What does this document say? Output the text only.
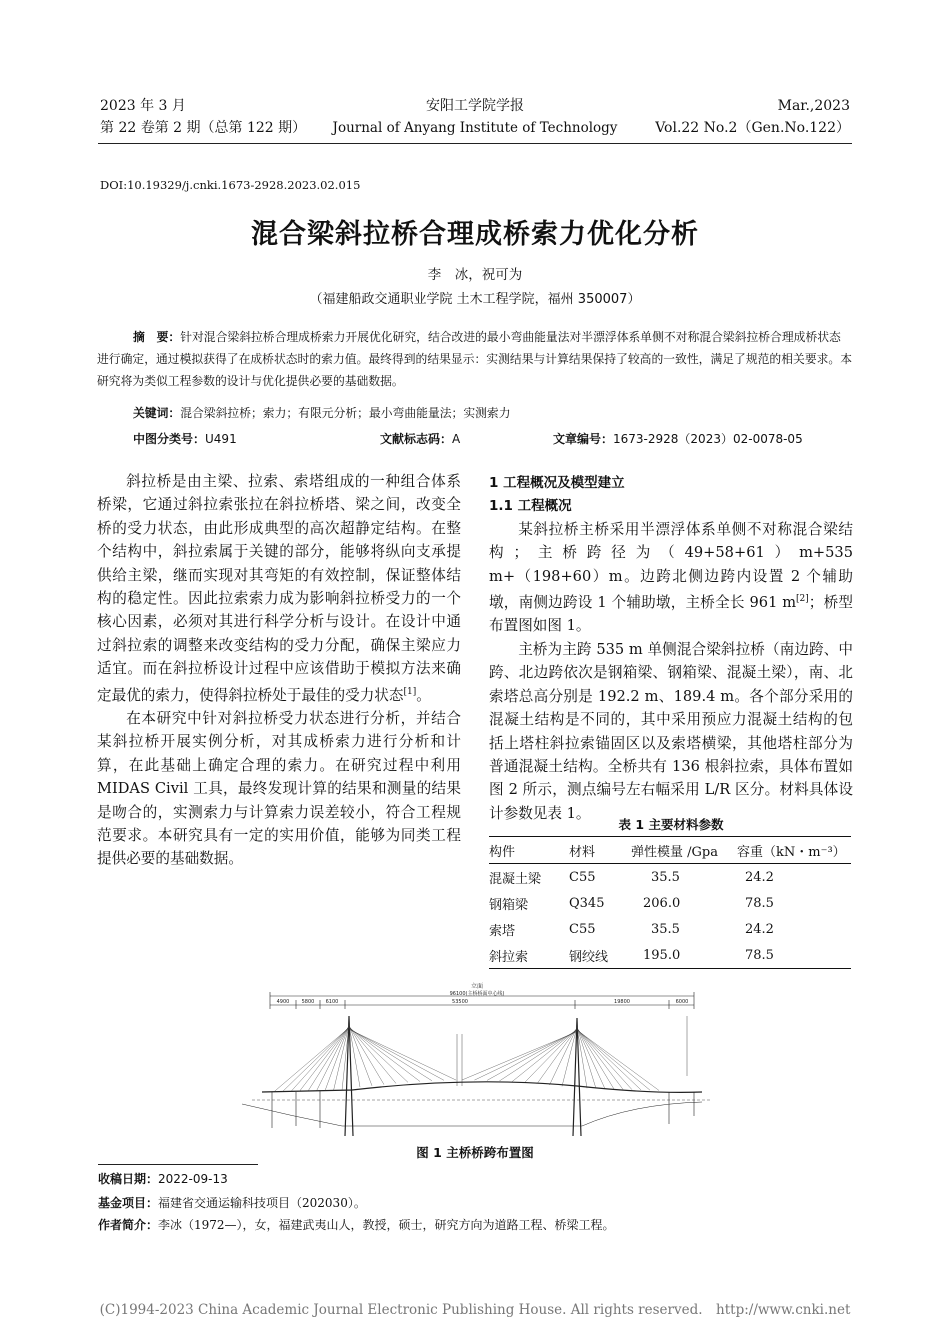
2023 年 3 月
第 22 卷第 2 期（总第 122 期）
安阳工学院学报
Journal of Anyang Institute of Technology
Mar.,2023
Vol.22 No.2（Gen.No.122）
DOI:10.19329/j.cnki.1673-2928.2023.02.015
混合梁斜拉桥合理成桥索力优化分析
李　冰，祝可为
（福建船政交通职业学院 土木工程学院，福州 350007）
摘　要：针对混合梁斜拉桥合理成桥索力开展优化研究，结合改进的最小弯曲能量法对半漂浮体系单侧不对称混合梁斜拉桥合理成桥状态进行确定，通过模拟获得了在成桥状态时的索力值。最终得到的结果显示：实测结果与计算结果保持了较高的一致性，满足了规范的相关要求。本研究将为类似工程参数的设计与优化提供必要的基础数据。
关键词：混合梁斜拉桥；索力；有限元分析；最小弯曲能量法；实测索力
中图分类号：U491	文献标志码：A	文章编号：1673-2928（2023）02-0078-05

斜拉桥是由主梁、拉索、索塔组成的一种组合体系桥梁，它通过斜拉索张拉在斜拉桥塔、梁之间，改变全桥的受力状态，由此形成典型的高次超静定结构。在整个结构中，斜拉索属于关键的部分，能够将纵向支承提供给主梁，继而实现对其弯矩的有效控制，保证整体结构的稳定性。因此拉索索力成为影响斜拉桥受力的一个核心因素，必须对其进行科学分析与设计。在设计中通过斜拉索的调整来改变结构的受力分配，确保主梁应力适宜。而在斜拉桥设计过程中应该借助于模拟方法来确定最优的索力，使得斜拉桥处于最佳的受力状态[1]。

在本研究中针对斜拉桥受力状态进行分析，并结合某斜拉桥开展实例分析，对其成桥索力进行分析和计算，在此基础上确定合理的索力。在研究过程中利用 MIDAS Civil 工具，最终发现计算的结果和测量的结果是吻合的，实测索力与计算索力误差较小，符合工程规范要求。本研究具有一定的实用价值，能够为同类工程提供必要的基础数据。

1 工程概况及模型建立
1.1 工程概况

某斜拉桥主桥采用半漂浮体系单侧不对称混合梁结构；主桥跨径为（49+58+61）m+535 m+（198+60）m。边跨北侧边跨内设置 2 个辅助墩，南侧边跨设 1 个辅助墩，主桥全长 961 m[2]；桥型布置图如图 1。

主桥为主跨 535 m 单侧混合梁斜拉桥（南边跨、中跨、北边跨依次是钢箱梁、钢箱梁、混凝土梁），南、北索塔总高分别是 192.2 m、189.4 m。各个部分采用的混凝土结构是不同的，其中采用预应力混凝土结构的包括上塔柱斜拉索锚固区以及索塔横梁，其他塔柱部分为普通混凝土结构。全桥共有 136 根斜拉索，具体布置如图 2 所示，测点编号左右幅采用 L/R 区分。材料具体设计参数见表 1。

表 1 主要材料参数
构件	材料	弹性模量 /Gpa	容重（kN・m⁻³）
混凝土梁	C55	35.5	24.2
钢箱梁	Q345	206.0	78.5
索塔	C55	35.5	24.2
斜拉索	钢绞线	195.0	78.5
立面
96100(主桥桥面中心线)
4900 5800 6100	53500	19800	6000
图 1 主桥桥跨布置图
收稿日期：2022-09-13
基金项目：福建省交通运输科技项目（202030）。
作者简介：李冰（1972—），女，福建武夷山人，教授，硕士，研究方向为道路工程、桥梁工程。
(C)1994-2023 China Academic Journal Electronic Publishing House. All rights reserved.　http://www.cnki.net
